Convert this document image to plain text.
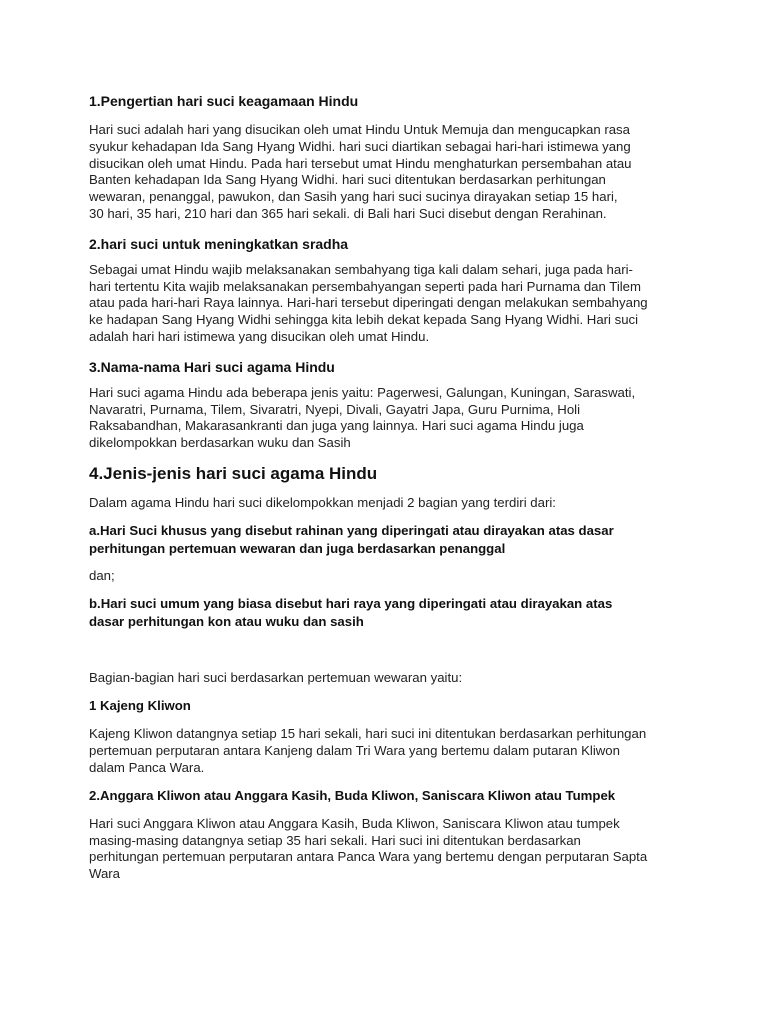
1.Pengertian hari suci keagamaan Hindu
Hari suci adalah hari yang disucikan oleh umat Hindu Untuk Memuja dan mengucapkan rasa
syukur kehadapan Ida Sang Hyang Widhi. hari suci diartikan sebagai hari-hari istimewa yang
disucikan oleh umat Hindu. Pada hari tersebut umat Hindu menghaturkan persembahan atau
Banten kehadapan Ida Sang Hyang Widhi. hari suci ditentukan berdasarkan perhitungan
wewaran, penanggal, pawukon, dan Sasih yang hari suci sucinya dirayakan setiap 15 hari,
30 hari, 35 hari, 210 hari dan 365 hari sekali. di Bali hari Suci disebut dengan Rerahinan.
2.hari suci untuk meningkatkan sradha
Sebagai umat Hindu wajib melaksanakan sembahyang tiga kali dalam sehari, juga pada hari-
hari tertentu Kita wajib melaksanakan persembahyangan seperti pada hari Purnama dan Tilem
atau pada hari-hari Raya lainnya. Hari-hari tersebut diperingati dengan melakukan sembahyang
ke hadapan Sang Hyang Widhi sehingga kita lebih dekat kepada Sang Hyang Widhi. Hari suci
adalah hari hari istimewa yang disucikan oleh umat Hindu.
3.Nama-nama Hari suci agama Hindu
Hari suci agama Hindu ada beberapa jenis yaitu: Pagerwesi, Galungan, Kuningan, Saraswati,
Navaratri, Purnama, Tilem, Sivaratri, Nyepi, Divali, Gayatri Japa, Guru Purnima, Holi
Raksabandhan, Makarasankranti dan juga yang lainnya. Hari suci agama Hindu juga
dikelompokkan berdasarkan wuku dan Sasih
4.Jenis-jenis hari suci agama Hindu
Dalam agama Hindu hari suci dikelompokkan menjadi 2 bagian yang terdiri dari:
a.Hari Suci khusus yang disebut rahinan yang diperingati atau dirayakan atas dasar
perhitungan pertemuan wewaran dan juga berdasarkan penanggal
dan;
b.Hari suci umum yang biasa disebut hari raya yang diperingati atau dirayakan atas
dasar perhitungan kon atau wuku dan sasih
Bagian-bagian hari suci berdasarkan pertemuan wewaran yaitu:
1 Kajeng Kliwon
Kajeng Kliwon datangnya setiap 15 hari sekali, hari suci ini ditentukan berdasarkan perhitungan
pertemuan perputaran antara Kanjeng dalam Tri Wara yang bertemu dalam putaran Kliwon
dalam Panca Wara.
2.Anggara Kliwon atau Anggara Kasih, Buda Kliwon, Saniscara Kliwon atau Tumpek
Hari suci Anggara Kliwon atau Anggara Kasih, Buda Kliwon, Saniscara Kliwon atau tumpek
masing-masing datangnya setiap 35 hari sekali. Hari suci ini ditentukan berdasarkan
perhitungan pertemuan perputaran antara Panca Wara yang bertemu dengan perputaran Sapta
Wara
